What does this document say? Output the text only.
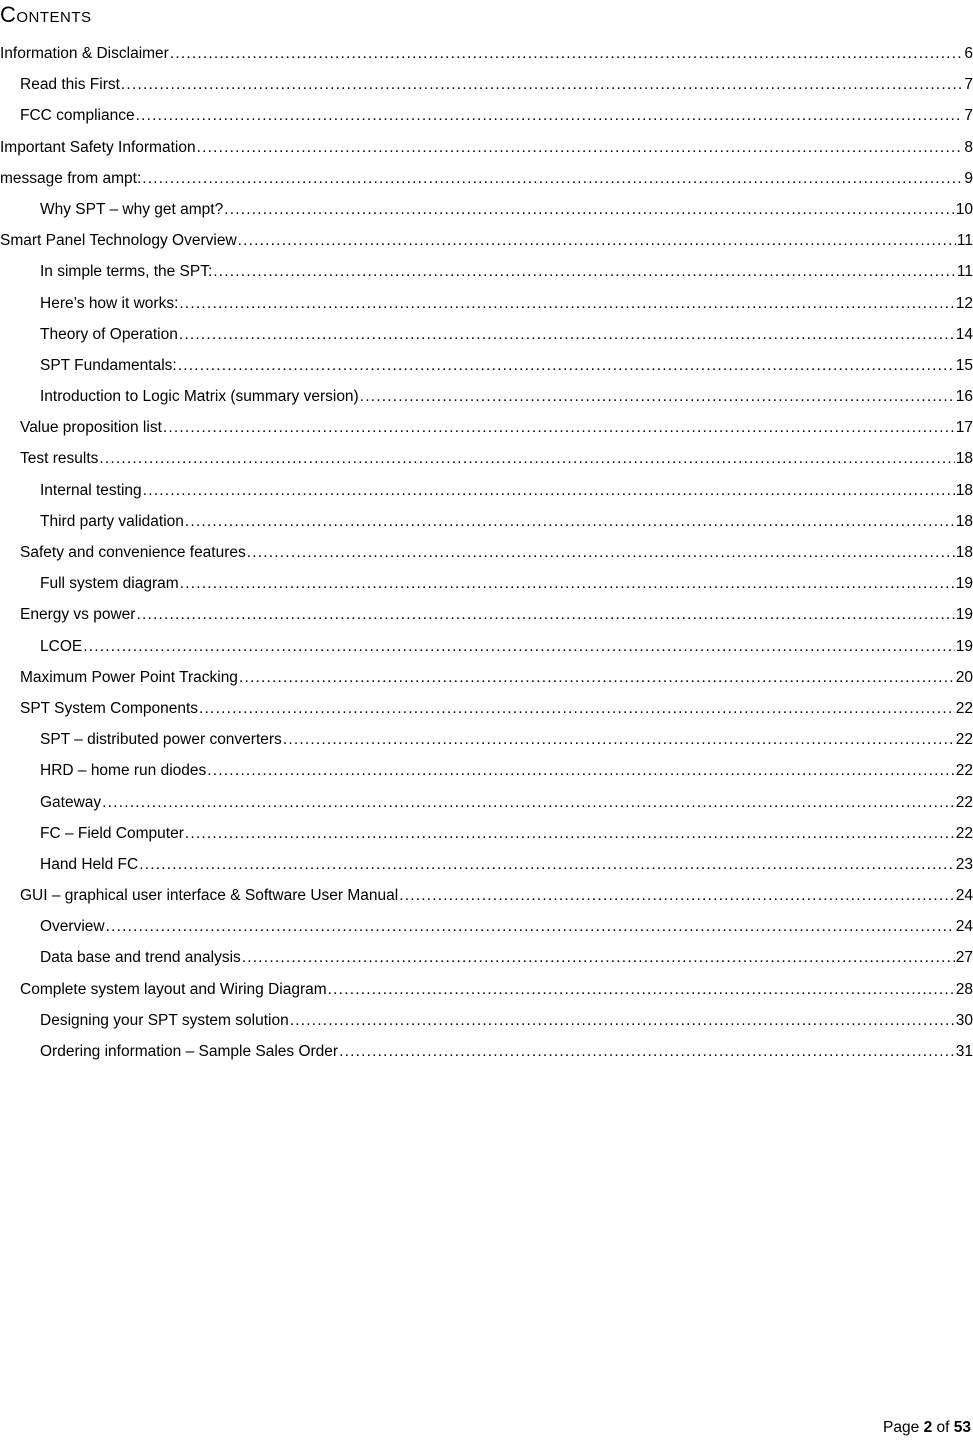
Contents
Information & Disclaimer .....	6
Read this First .....	7
FCC compliance .....	7
Important Safety Information .....	8
message from ampt: .....	9
Why SPT – why get ampt? .....	10
Smart Panel Technology Overview .....	11
In simple terms, the SPT: .....	11
Here’s how it works: .....	12
Theory of Operation .....	14
SPT Fundamentals: .....	15
Introduction to Logic Matrix (summary version) .....	16
Value proposition list .....	17
Test results .....	18
Internal testing .....	18
Third party validation .....	18
Safety and convenience features .....	18
Full system diagram .....	19
Energy vs power .....	19
LCOE .....	19
Maximum Power Point Tracking .....	20
SPT System Components .....	22
SPT – distributed power converters .....	22
HRD – home run diodes .....	22
Gateway .....	22
FC – Field Computer .....	22
Hand Held FC .....	23
GUI – graphical user interface & Software User Manual .....	24
Overview .....	24
Data base and trend analysis .....	27
Complete system layout and Wiring Diagram .....	28
Designing your SPT system solution .....	30
Ordering information – Sample Sales Order .....	31
Page 2 of 53
